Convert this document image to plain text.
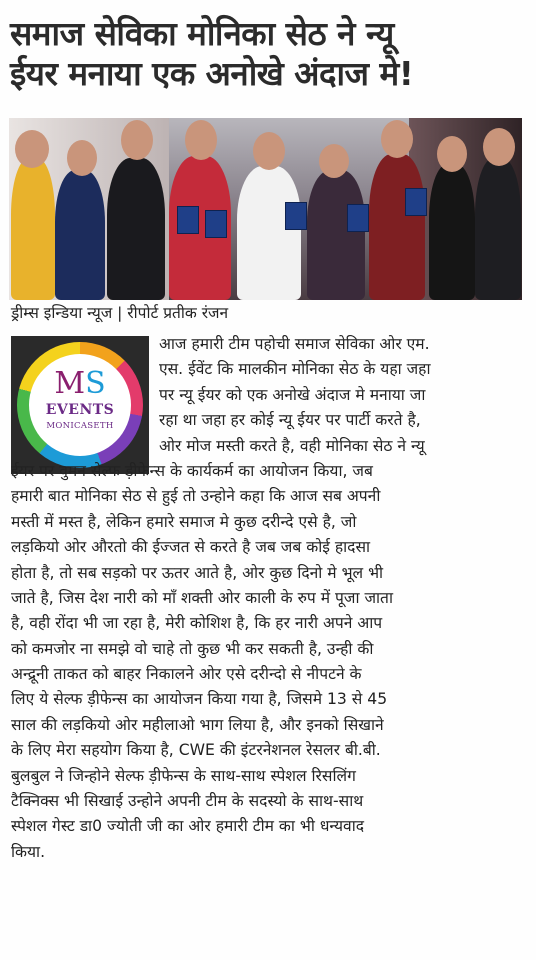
समाज सेविका मोनिका सेठ ने न्यू
ईयर मनाया एक अनोखे अंदाज मे!
ड्रीम्स इन्डिया न्यूज | रीपोर्ट प्रतीक रंजन
MS
EVENTS
MONICASETH
आज हमारी टीम पहोची समाज सेविका ओर एम.
एस. ईवेंट कि मालकीन मोनिका सेठ के यहा जहा
पर न्यू ईयर को एक अनोखे अंदाज मे मनाया जा
रहा था जहा हर कोई न्यू ईयर पर पार्टी करते है,
ओर मोज मस्ती करते है, वही मोनिका सेठ ने न्यू
ईयर पर वुमन सेल्फ ड़ीफेन्स के कार्यकर्म का आयोजन किया, जब
हमारी बात मोनिका सेठ से हुई तो उन्होने कहा कि आज सब अपनी
मस्ती में मस्त है, लेकिन हमारे समाज मे कुछ दरीन्दे एसे है, जो
लड़कियो ओर औरतो की ईज्जत से करते है जब जब कोई हादसा
होता है, तो सब सड़को पर ऊतर आते है, ओर कुछ दिनो मे भूल भी
जाते है, जिस देश नारी को माँ शक्ती ओर काली के रुप में पूजा जाता
है, वही रोंदा भी जा रहा है, मेरी कोशिश है, कि हर नारी अपने आप
को कमजोर ना समझे वो चाहे तो कुछ भी कर सकती है, उन्ही की
अन्द्रूनी ताकत को बाहर निकालने ओर एसे दरीन्दो से नीपटने के
लिए ये सेल्फ ड़ीफेन्स का आयोजन किया गया है, जिसमे 13 से 45
साल की लड़कियो ओर महीलाओ भाग लिया है, और इनको सिखाने
के लिए मेरा सहयोग किया है, CWE की इंटरनेशनल रेसलर बी.बी.
बुलबुल ने जिन्होने सेल्फ ड़ीफेन्स के साथ-साथ स्पेशल रिसलिंग
टैक्निक्स भी सिखाई उन्होने अपनी टीम के सदस्यो के साथ-साथ
स्पेशल गेस्ट डा0 ज्योती जी का ओर हमारी टीम का भी धन्यवाद
किया.
